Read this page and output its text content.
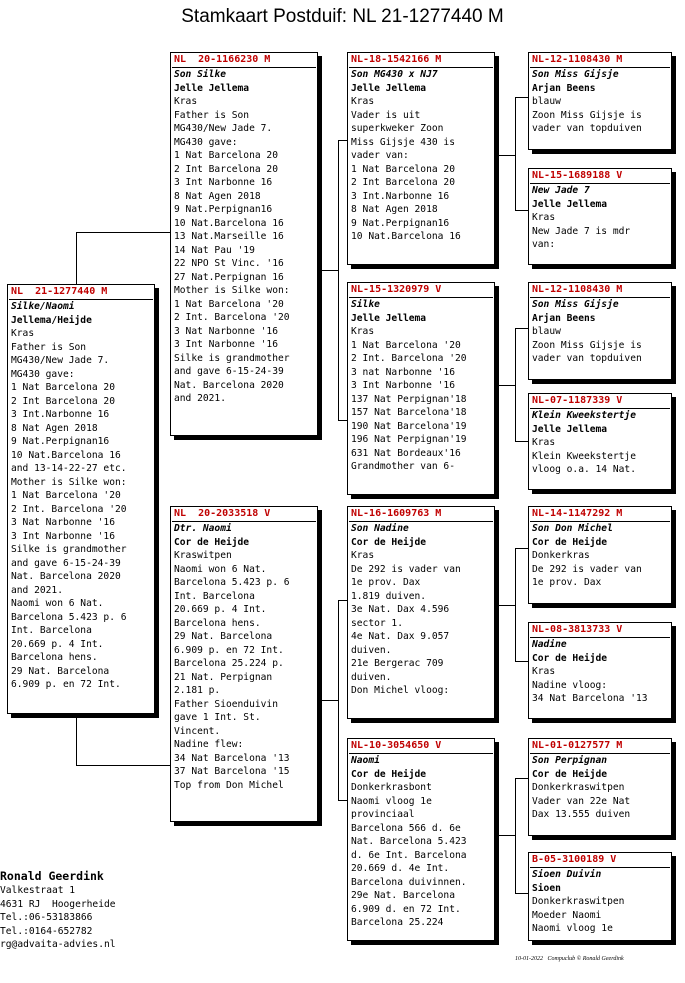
Stamkaart Postduif: NL 21-1277440 M
NL  21-1277440 M
Silke/Naomi
Jellema/Heijde
Kras
Father is Son
MG430/New Jade 7.
MG430 gave:
1 Nat Barcelona 20
2 Int Barcelona 20
3 Int.Narbonne 16
8 Nat Agen 2018
9 Nat.Perpignan16
10 Nat.Barcelona 16
and 13-14-22-27 etc.
Mother is Silke won:
1 Nat Barcelona '20
2 Int. Barcelona '20
3 Nat Narbonne '16
3 Int Narbonne '16
Silke is grandmother
and gave 6-15-24-39
Nat. Barcelona 2020
and 2021.
Naomi won 6 Nat.
Barcelona 5.423 p. 6
Int. Barcelona
20.669 p. 4 Int.
Barcelona hens.
29 Nat. Barcelona
6.909 p. en 72 Int.
NL  20-1166230 M
Son Silke
Jelle Jellema
Kras
Father is Son
MG430/New Jade 7.
MG430 gave:
1 Nat Barcelona 20
2 Int Barcelona 20
3 Int Narbonne 16
8 Nat Agen 2018
9 Nat.Perpignan16
10 Nat.Barcelona 16
13 Nat.Marseille 16
14 Nat Pau '19
22 NPO St Vinc. '16
27 Nat.Perpignan 16
Mother is Silke won:
1 Nat Barcelona '20
2 Int. Barcelona '20
3 Nat Narbonne '16
3 Int Narbonne '16
Silke is grandmother
and gave 6-15-24-39
Nat. Barcelona 2020
and 2021.
NL  20-2033518 V
Dtr. Naomi
Cor de Heijde
Kraswitpen
Naomi won 6 Nat.
Barcelona 5.423 p. 6
Int. Barcelona
20.669 p. 4 Int.
Barcelona hens.
29 Nat. Barcelona
6.909 p. en 72 Int.
Barcelona 25.224 p.
21 Nat. Perpignan
2.181 p.
Father Sioenduivin
gave 1 Int. St.
Vincent.
Nadine flew:
34 Nat Barcelona '13
37 Nat Barcelona '15
Top from Don Michel
NL-18-1542166 M
Son MG430 x NJ7
Jelle Jellema
Kras
Vader is uit
superkweker Zoon
Miss Gijsje 430 is
vader van:
1 Nat Barcelona 20
2 Int Barcelona 20
3 Int.Narbonne 16
8 Nat Agen 2018
9 Nat.Perpignan16
10 Nat.Barcelona 16
NL-15-1320979 V
Silke
Jelle Jellema
Kras
1 Nat Barcelona '20
2 Int. Barcelona '20
3 nat Narbonne '16
3 Int Narbonne '16
137 Nat Perpignan'18
157 Nat Barcelona'18
190 Nat Barcelona'19
196 Nat Perpignan'19
631 Nat Bordeaux'16
Grandmother van 6-
NL-16-1609763 M
Son Nadine
Cor de Heijde
Kras
De 292 is vader van
1e prov. Dax
1.819 duiven.
3e Nat. Dax 4.596
sector 1.
4e Nat. Dax 9.057
duiven.
21e Bergerac 709
duiven.
Don Michel vloog:
NL-10-3054650 V
Naomi
Cor de Heijde
Donkerkrasbont
Naomi vloog 1e
provinciaal
Barcelona 566 d. 6e
Nat. Barcelona 5.423
d. 6e Int. Barcelona
20.669 d. 4e Int.
Barcelona duivinnen.
29e Nat. Barcelona
6.909 d. en 72 Int.
Barcelona 25.224
NL-12-1108430 M
Son Miss Gijsje
Arjan Beens
blauw
Zoon Miss Gijsje is
vader van topduiven
NL-15-1689188 V
New Jade 7
Jelle Jellema
Kras
New Jade 7 is mdr
van:
NL-12-1108430 M
Son Miss Gijsje
Arjan Beens
blauw
Zoon Miss Gijsje is
vader van topduiven
NL-07-1187339 V
Klein Kweekstertje
Jelle Jellema
Kras
Klein Kweekstertje
vloog o.a. 14 Nat.
NL-14-1147292 M
Son Don Michel
Cor de Heijde
Donkerkras
De 292 is vader van
1e prov. Dax
NL-08-3813733 V
Nadine
Cor de Heijde
Kras
Nadine vloog:
34 Nat Barcelona '13
NL-01-0127577 M
Son Perpignan
Cor de Heijde
Donkerkraswitpen
Vader van 22e Nat
Dax 13.555 duiven
B-05-3100189 V
Sioen Duivin
Sioen
Donkerkraswitpen
Moeder Naomi
Naomi vloog 1e
Ronald Geerdink
Valkestraat 1
4631 RJ  Hoogerheide
Tel.:06-53183866
Tel.:0164-652782
rg@advaita-advies.nl
10-01-2022 Compuclub © Ronald Geerdink
